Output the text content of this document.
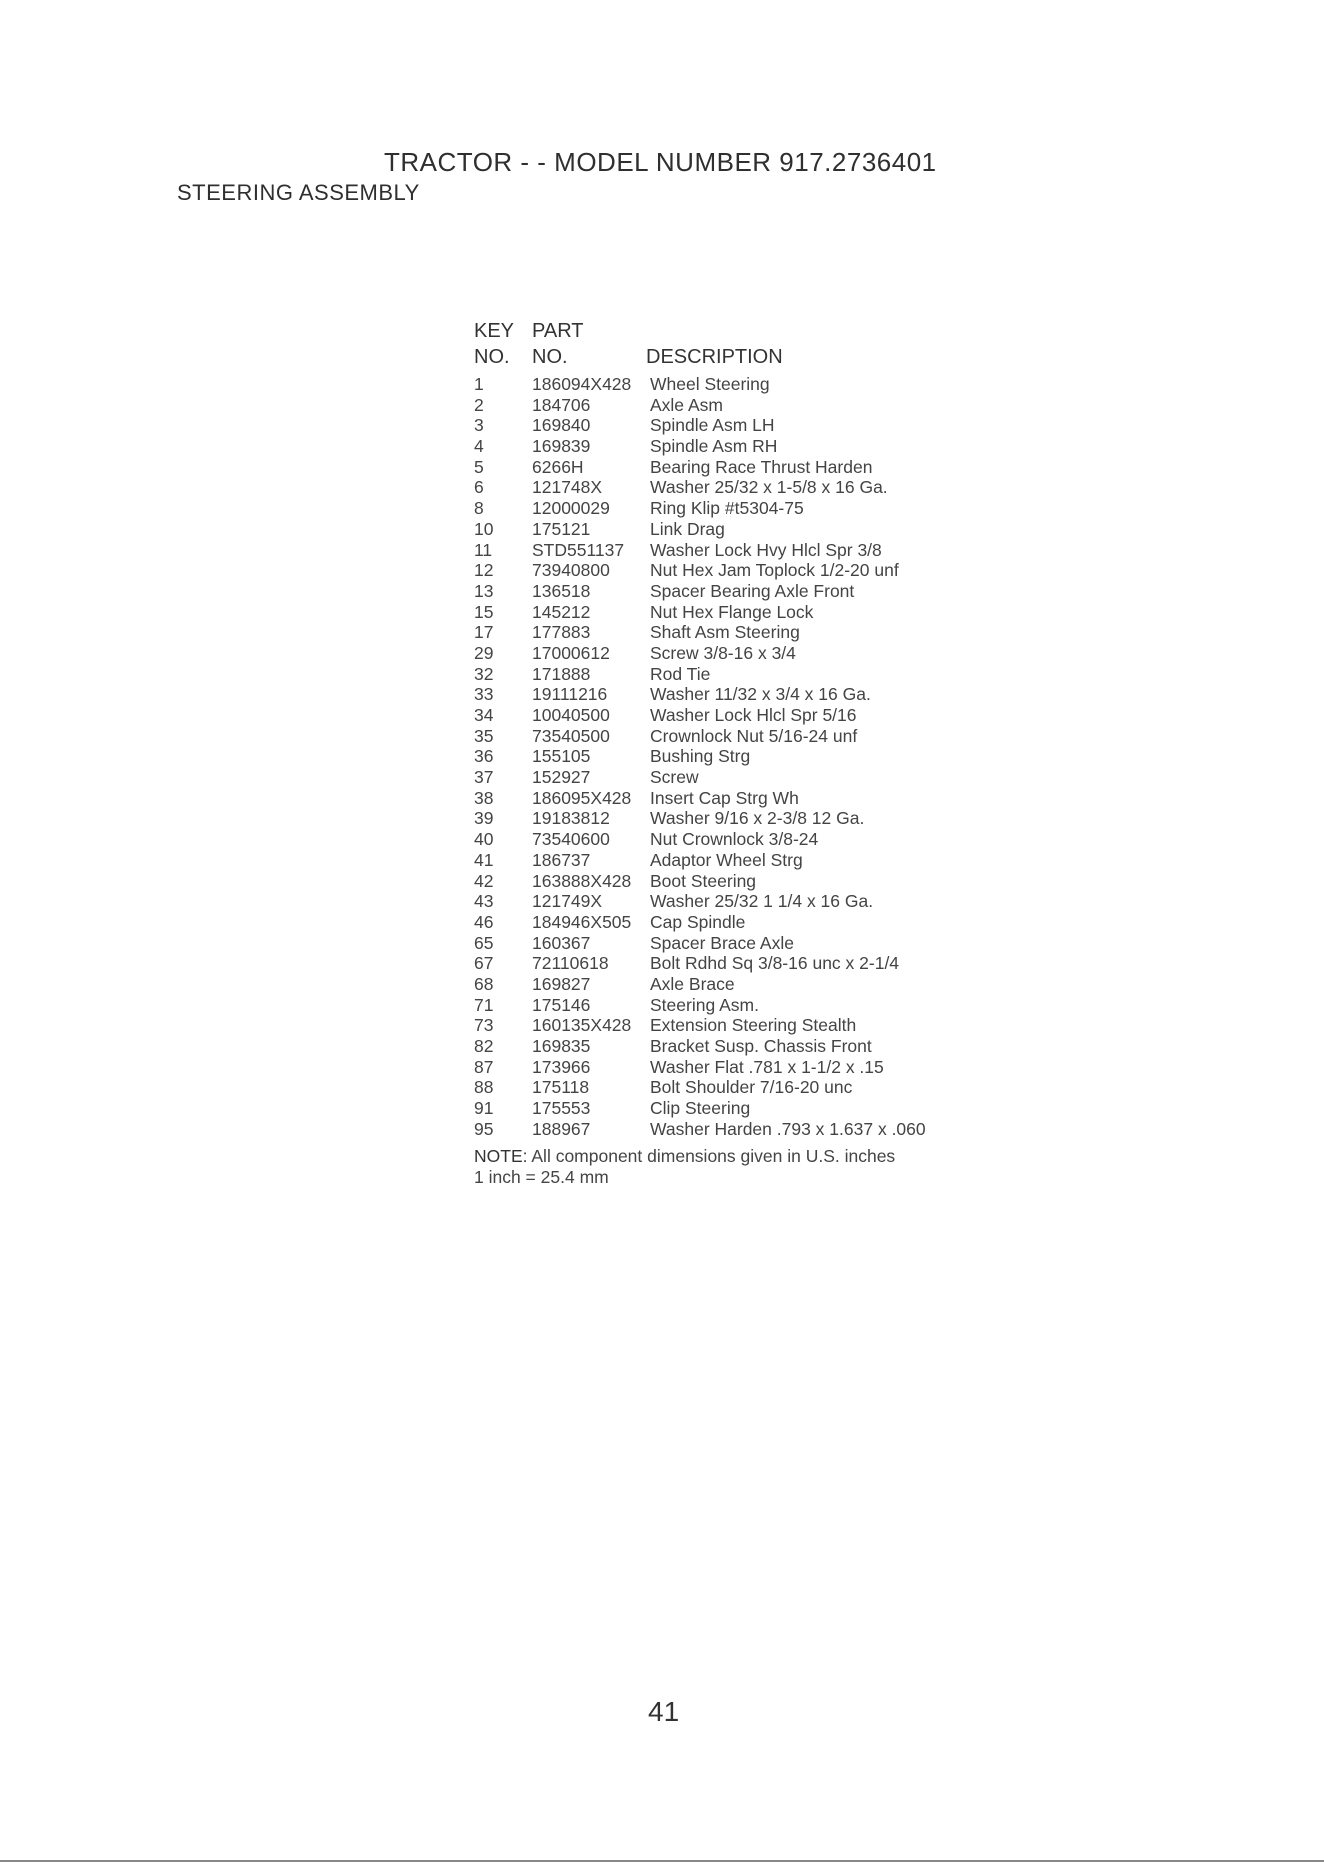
TRACTOR - - MODEL NUMBER 917.2736401
STEERING ASSEMBLY
KEY PART
NO. NO.	DESCRIPTION
1	186094X428 Wheel Steering
2	184706	Axle Asm
3	169840	Spindle Asm LH
4	169839	Spindle Asm RH
5	6266H	Bearing Race Thrust Harden
6	121748X	Washer 25/32 x 1-5/8 x 16 Ga.
8	12000029 Ring Klip #t5304-75
10 175121	Link Drag
11 STD551137 Washer Lock Hvy Hlcl Spr 3/8
12 73940800 Nut Hex Jam Toplock 1/2-20 unf
13 136518	Spacer Bearing Axle Front
15 145212	Nut Hex Flange Lock
17 177883	Shaft Asm Steering
29 17000612 Screw 3/8-16 x 3/4
32 171888	Rod Tie
33 19111216 Washer 11/32 x 3/4 x 16 Ga.
34 10040500 Washer Lock Hlcl Spr 5/16
35 73540500 Crownlock Nut 5/16-24 unf
36 155105	Bushing Strg
37 152927	Screw
38 186095X428 Insert Cap Strg Wh
39 19183812 Washer 9/16 x 2-3/8 12 Ga.
40 73540600 Nut Crownlock 3/8-24
41 186737	Adaptor Wheel Strg
42 163888X428 Boot Steering
43 121749X	Washer 25/32 1 1/4 x 16 Ga.
46 184946X505 Cap Spindle
65 160367	Spacer Brace Axle
67 72110618 Bolt Rdhd Sq 3/8-16 unc x 2-1/4
68 169827	Axle Brace
71 175146	Steering Asm.
73 160135X428 Extension Steering Stealth
82 169835	Bracket Susp. Chassis Front
87 173966	Washer Flat .781 x 1-1/2 x .15
88 175118	Bolt Shoulder 7/16-20 unc
91 175553	Clip Steering
95 188967	Washer Harden .793 x 1.637 x .060
NOTE: All component dimensions given in U.S. inches
1 inch = 25.4 mm
41
